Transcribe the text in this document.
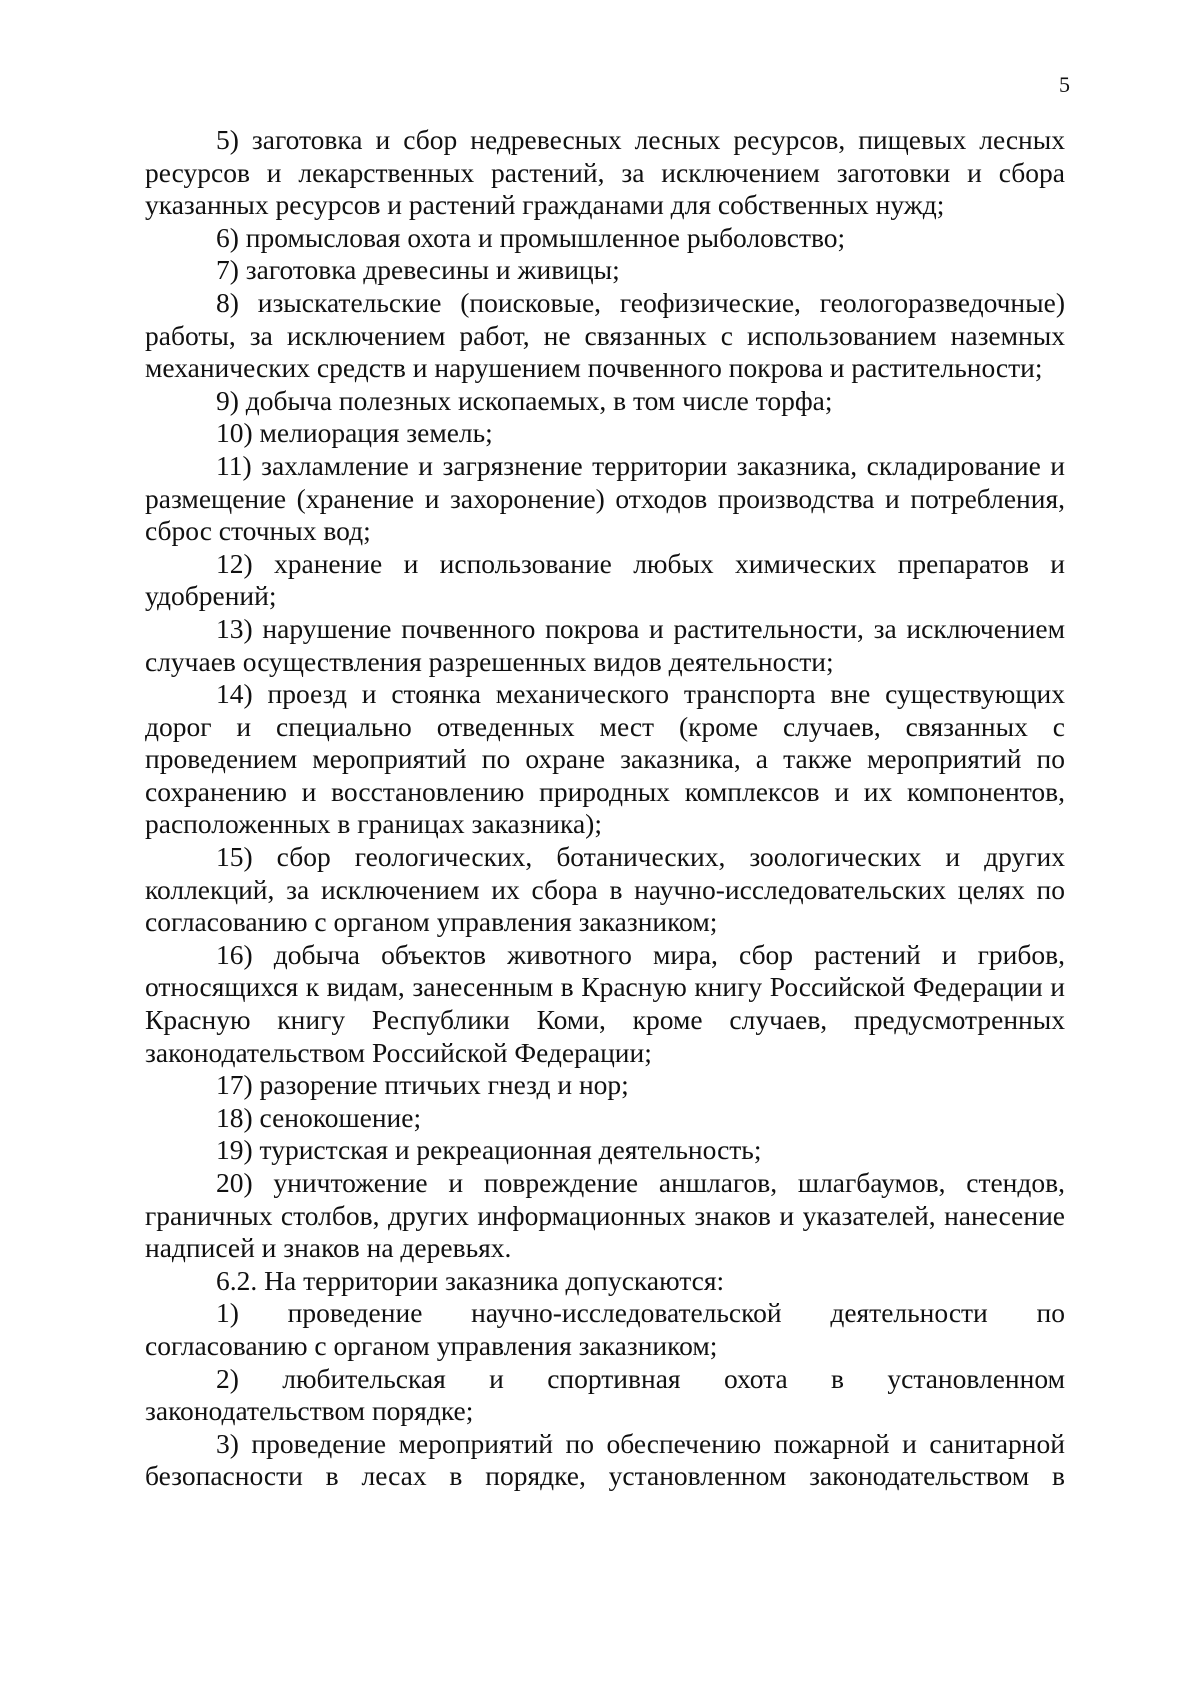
5

5) заготовка и сбор недревесных лесных ресурсов, пищевых лесных ресурсов и лекарственных растений, за исключением заготовки и сбора указанных ресурсов и растений гражданами для собственных нужд;

6) промысловая охота и промышленное рыболовство;

7) заготовка древесины и живицы;

8) изыскательские (поисковые, геофизические, геологоразведочные) работы, за исключением работ, не связанных с использованием наземных механических средств и нарушением почвенного покрова и растительности;

9) добыча полезных ископаемых, в том числе торфа;

10) мелиорация земель;

11) захламление и загрязнение территории заказника, складирование и размещение (хранение и захоронение) отходов производства и потребления, сброс сточных вод;

12) хранение и использование любых химических препаратов и удобрений;

13) нарушение почвенного покрова и растительности, за исключением случаев осуществления разрешенных видов деятельности;

14) проезд и стоянка механического транспорта вне существующих дорог и специально отведенных мест (кроме случаев, связанных с проведением мероприятий по охране заказника, а также мероприятий по сохранению и восстановлению природных комплексов и их компонентов, расположенных в границах заказника);

15) сбор геологических, ботанических, зоологических и других коллекций, за исключением их сбора в научно-исследовательских целях по согласованию с органом управления заказником;

16) добыча объектов животного мира, сбор растений и грибов, относящихся к видам, занесенным в Красную книгу Российской Федерации и Красную книгу Республики Коми, кроме случаев, предусмотренных законодательством Российской Федерации;

17) разорение птичьих гнезд и нор;

18) сенокошение;

19) туристская и рекреационная деятельность;

20) уничтожение и повреждение аншлагов, шлагбаумов, стендов, граничных столбов, других информационных знаков и указателей, нанесение надписей и знаков на деревьях.

6.2. На территории заказника допускаются:

1) проведение научно-исследовательской деятельности по согласованию с органом управления заказником;

2) любительская и спортивная охота в установленном законодательством порядке;

3) проведение мероприятий по обеспечению пожарной и санитарной безопасности в лесах в порядке, установленном законодательством в
